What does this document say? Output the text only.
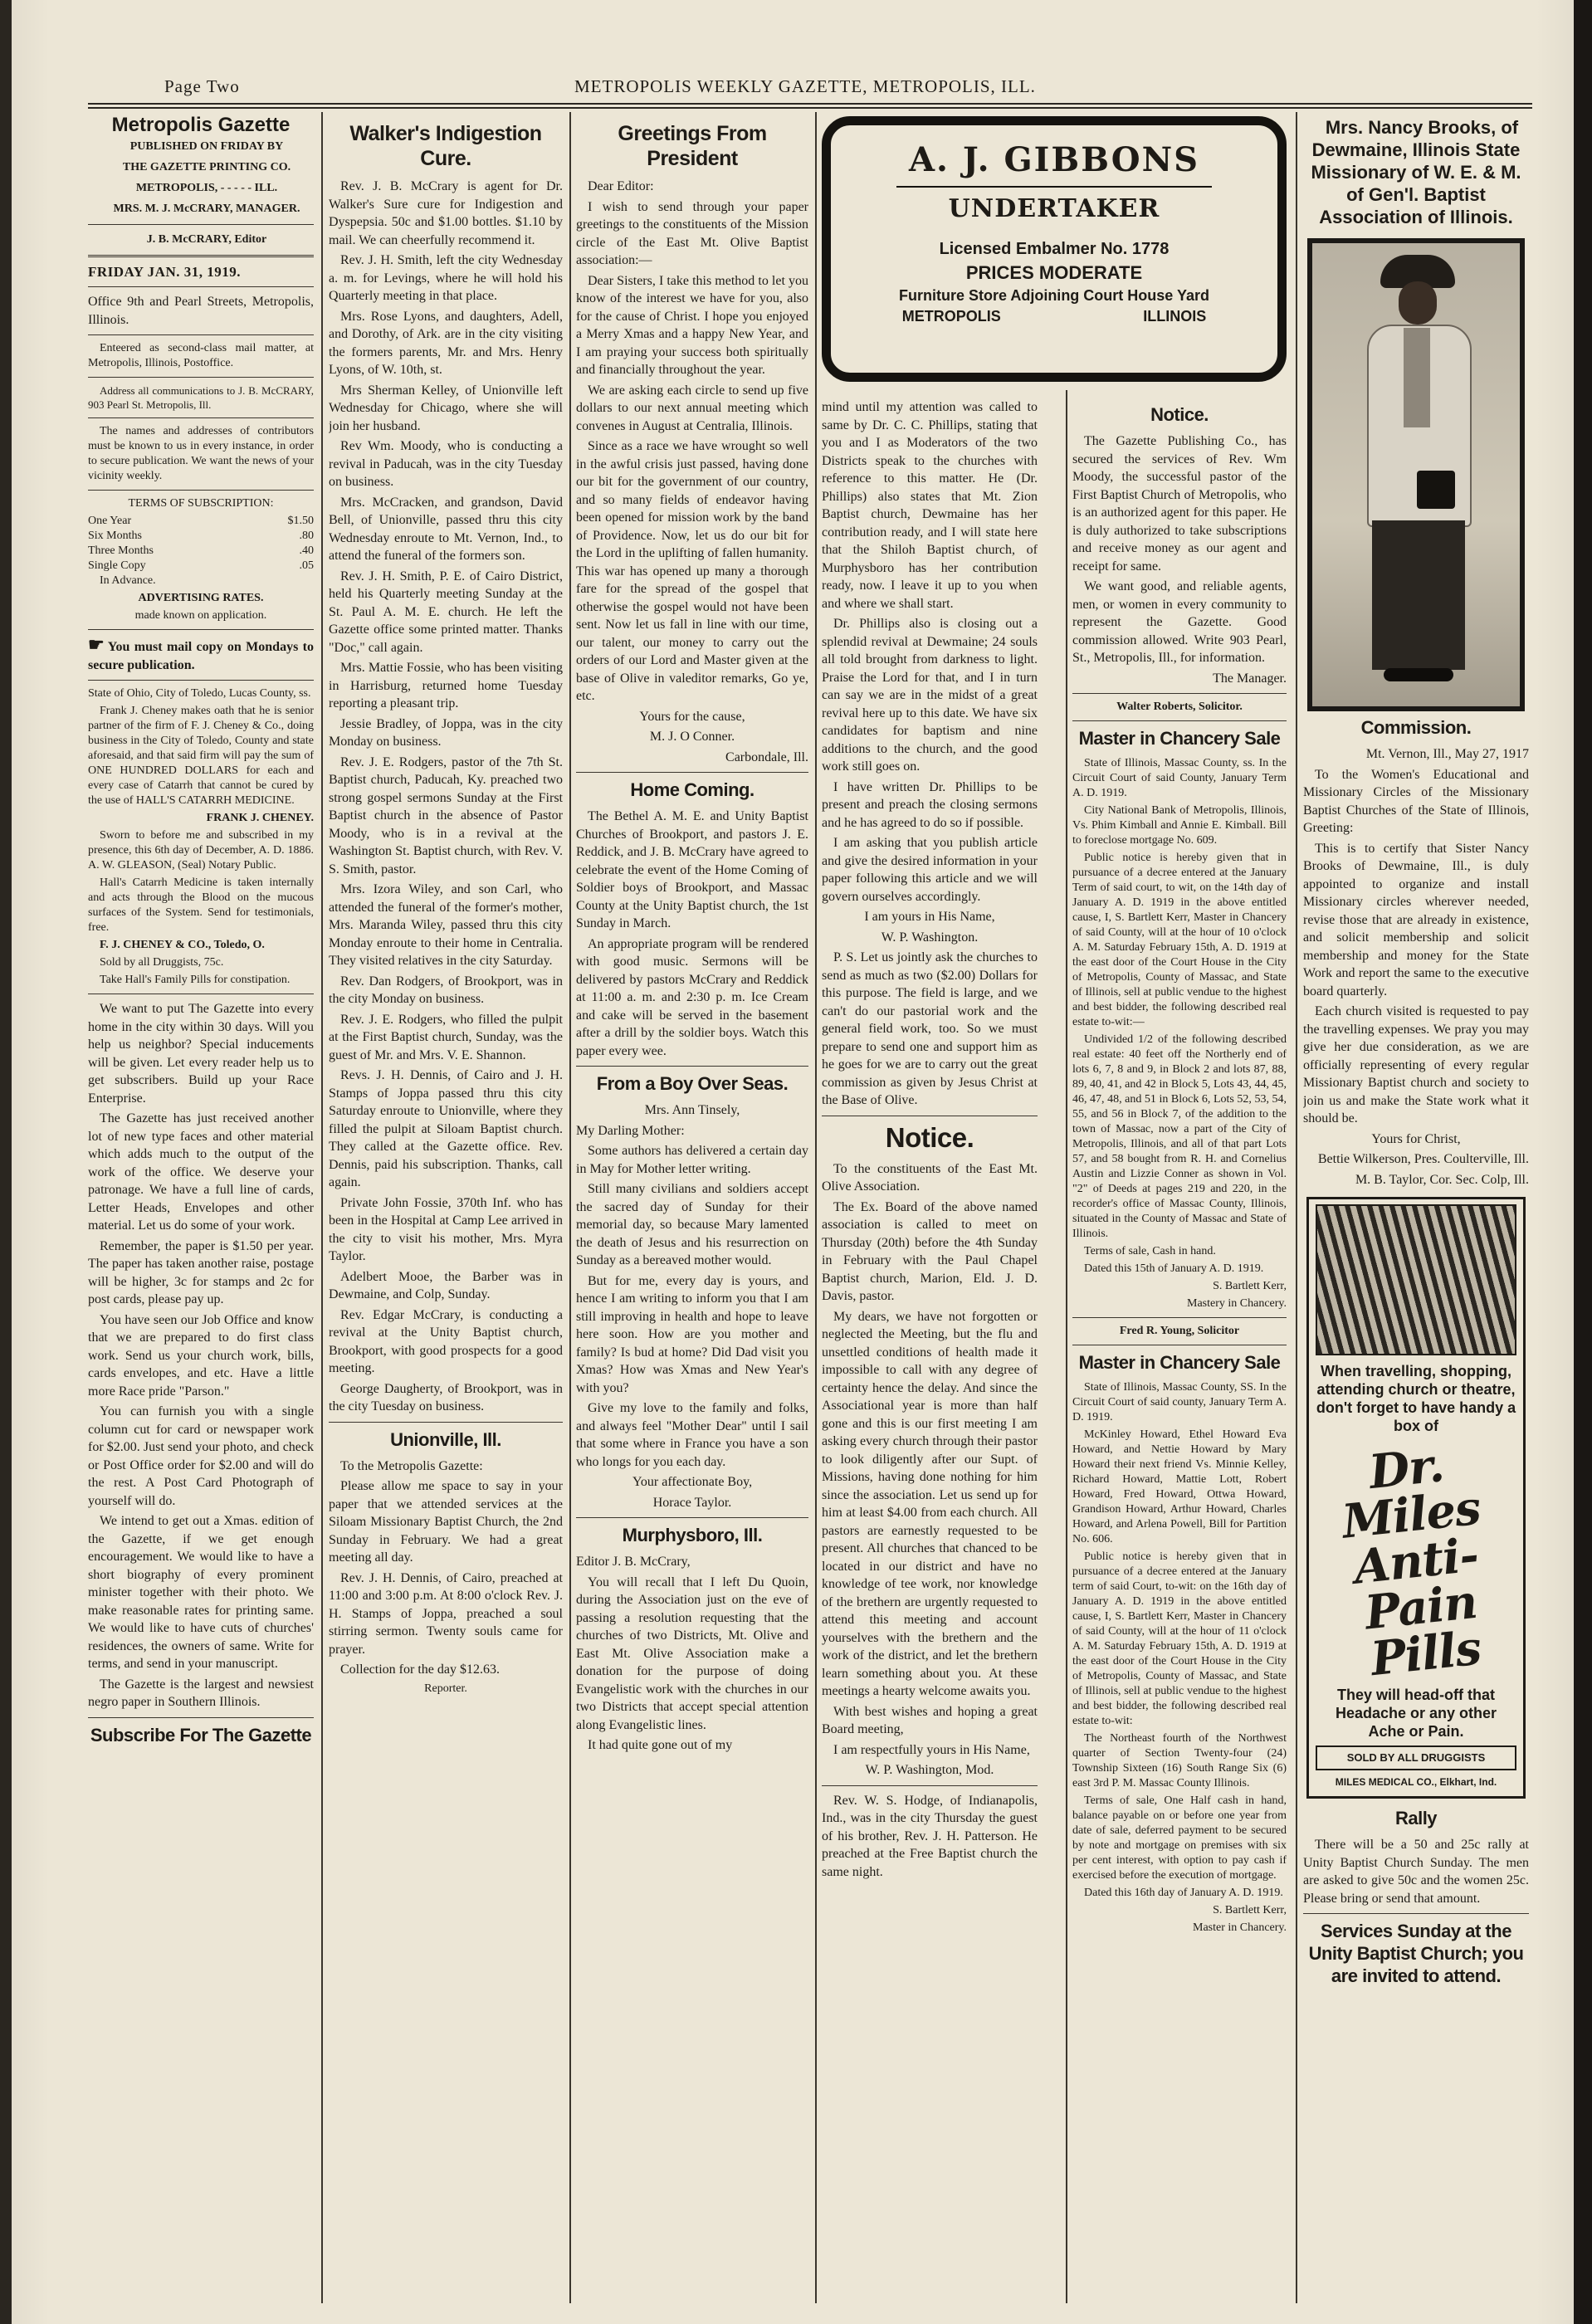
Page Two	METROPOLIS WEEKLY GAZETTE, METROPOLIS, ILL.
Metropolis Gazette

PUBLISHED ON FRIDAY BY

THE GAZETTE PRINTING CO.

METROPOLIS, - - - - - ILL.

MRS. M. J. McCRARY, MANAGER.

J. B. McCRARY, Editor

FRIDAY JAN. 31, 1919.

Office 9th and Pearl Streets, Metropolis, Illinois.

Enteered as second-class mail matter, at Metropolis, Illinois, Postoffice.

Address all communications to J. B. McCRARY, 903 Pearl St. Metropolis, Ill.

The names and addresses of contributors must be known to us in every instance, in order to secure publication. We want the news of your vicinity weekly.

TERMS OF SUBSCRIPTION:

One Year	$1.50
Six Months	.80
Three Months	.40
Single Copy	.05

In Advance.

ADVERTISING RATES.

made known on application.

☛ You must mail copy on Mondays to secure publication.

State of Ohio, City of Toledo, Lucas County, ss.

Frank J. Cheney makes oath that he is senior partner of the firm of F. J. Cheney & Co., doing business in the City of Toledo, County and state aforesaid, and that said firm will pay the sum of ONE HUNDRED DOLLARS for each and every case of Catarrh that cannot be cured by the use of HALL'S CATARRH MEDICINE.

FRANK J. CHENEY.

Sworn to before me and subscribed in my presence, this 6th day of December, A. D. 1886. A. W. GLEASON, (Seal) Notary Public.

Hall's Catarrh Medicine is taken internally and acts through the Blood on the mucous surfaces of the System. Send for testimonials, free.

F. J. CHENEY & CO., Toledo, O.

Sold by all Druggists, 75c.

Take Hall's Family Pills for constipation.

We want to put The Gazette into every home in the city within 30 days. Will you help us neighbor? Special inducements will be given. Let every reader help us to get subscribers. Build up your Race Enterprise.

The Gazette has just received another lot of new type faces and other material which adds much to the output of the work of the office. We deserve your patronage. We have a full line of cards, Letter Heads, Envelopes and other material. Let us do some of your work.

Remember, the paper is $1.50 per year. The paper has taken another raise, postage will be higher, 3c for stamps and 2c for post cards, please pay up.

You have seen our Job Office and know that we are prepared to do first class work. Send us your church work, bills, cards envelopes, and etc. Have a little more Race pride "Parson."

You can furnish you with a single column cut for card or newspaper work for $2.00. Just send your photo, and check or Post Office order for $2.00 and will do the rest. A Post Card Photograph of yourself will do.

We intend to get out a Xmas. edition of the Gazette, if we get enough encouragement. We would like to have a short biography of every prominent minister together with their photo. We make reasonable rates for printing same. We would like to have cuts of churches' residences, the owners of same. Write for terms, and send in your manuscript.

The Gazette is the largest and newsiest negro paper in Southern Illinois.

Subscribe For The Gazette
Walker's Indigestion Cure.

Rev. J. B. McCrary is agent for Dr. Walker's Sure cure for Indigestion and Dyspepsia. 50c and $1.00 bottles. $1.10 by mail. We can cheerfully recommend it.

Rev. J. H. Smith, left the city Wednesday a. m. for Levings, where he will hold his Quarterly meeting in that place.

Mrs. Rose Lyons, and daughters, Adell, and Dorothy, of Ark. are in the city visiting the formers parents, Mr. and Mrs. Henry Lyons, of W. 10th, st.

Mrs Sherman Kelley, of Unionville left Wednesday for Chicago, where she will join her husband.

Rev Wm. Moody, who is conducting a revival in Paducah, was in the city Tuesday on business.

Mrs. McCracken, and grandson, David Bell, of Unionville, passed thru this city Wednesday enroute to Mt. Vernon, Ind., to attend the funeral of the formers son.

Rev. J. H. Smith, P. E. of Cairo District, held his Quarterly meeting Sunday at the St. Paul A. M. E. church. He left the Gazette office some printed matter. Thanks "Doc," call again.

Mrs. Mattie Fossie, who has been visiting in Harrisburg, returned home Tuesday reporting a pleasant trip.

Jessie Bradley, of Joppa, was in the city Monday on business.

Rev. J. E. Rodgers, pastor of the 7th St. Baptist church, Paducah, Ky. preached two strong gospel sermons Sunday at the First Baptist church in the absence of Pastor Moody, who is in a revival at the Washington St. Baptist church, with Rev. V. S. Smith, pastor.

Mrs. Izora Wiley, and son Carl, who attended the funeral of the former's mother, Mrs. Maranda Wiley, passed thru this city Monday enroute to their home in Centralia. They visited relatives in the city Saturday.

Rev. Dan Rodgers, of Brookport, was in the city Monday on business.

Rev. J. E. Rodgers, who filled the pulpit at the First Baptist church, Sunday, was the guest of Mr. and Mrs. V. E. Shannon.

Revs. J. H. Dennis, of Cairo and J. H. Stamps of Joppa passed thru this city Saturday enroute to Unionville, where they filled the pulpit at Siloam Baptist church. They called at the Gazette office. Rev. Dennis, paid his subscription. Thanks, call again.

Private John Fossie, 370th Inf. who has been in the Hospital at Camp Lee arrived in the city to visit his mother, Mrs. Myra Taylor.

Adelbert Mooe, the Barber was in Dewmaine, and Colp, Sunday.

Rev. Edgar McCrary, is conducting a revival at the Unity Baptist church, Brookport, with good prospects for a good meeting.

George Daugherty, of Brookport, was in the city Tuesday on business.

Unionville, Ill.

To the Metropolis Gazette:

Please allow me space to say in your paper that we attended services at the Siloam Missionary Baptist Church, the 2nd Sunday in February. We had a great meeting all day.

Rev. J. H. Dennis, of Cairo, preached at 11:00 and 3:00 p.m. At 8:00 o'clock Rev. J. H. Stamps of Joppa, preached a soul stirring sermon. Twenty souls came for prayer.

Collection for the day $12.63.

Reporter.

Greetings From President

Dear Editor:

I wish to send through your paper greetings to the constituents of the Mission circle of the East Mt. Olive Baptist association:—

Dear Sisters, I take this method to let you know of the interest we have for you, also for the cause of Christ. I hope you enjoyed a Merry Xmas and a happy New Year, and I am praying your success both spiritually and financially throughout the year.

We are asking each circle to send up five dollars to our next annual meeting which convenes in August at Centralia, Illinois.

Since as a race we have wrought so well in the awful crisis just passed, having done our bit for the government of our country, and so many fields of endeavor having been opened for mission work by the band of Providence. Now, let us do our bit for the Lord in the uplifting of fallen humanity. This war has opened up many a thorough fare for the spread of the gospel that otherwise the gospel would not have been sent. Now let us fall in line with our time, our talent, our money to carry out the orders of our Lord and Master given at the base of Olive in valeditor remarks, Go ye, etc.

Yours for the cause,

M. J. O Conner.

Carbondale, Ill.

Home Coming.

The Bethel A. M. E. and Unity Baptist Churches of Brookport, and pastors J. E. Reddick, and J. B. McCrary have agreed to celebrate the event of the Home Coming of Soldier boys of Brookport, and Massac County at the Unity Baptist church, the 1st Sunday in March.

An appropriate program will be rendered with good music. Sermons will be delivered by pastors McCrary and Reddick at 11:00 a. m. and 2:30 p. m. Ice Cream and cake will be served in the basement after a drill by the soldier boys. Watch this paper every wee.

From a Boy Over Seas.

Mrs. Ann Tinsely,

My Darling Mother:

Some authors has delivered a certain day in May for Mother letter writing.

Still many civilians and soldiers accept the sacred day of Sunday for their memorial day, so because Mary lamented the death of Jesus and his resurrection on Sunday as a bereaved mother would.

But for me, every day is yours, and hence I am writing to inform you that I am still improving in health and hope to leave here soon. How are you mother and family? Is bud at home? Did Dad visit you Xmas? How was Xmas and New Year's with you?

Give my love to the family and folks, and always feel "Mother Dear" until I sail that some where in France you have a son who longs for you each day.

Your affectionate Boy,

Horace Taylor.

Murphysboro, Ill.

Editor J. B. McCrary,

You will recall that I left Du Quoin, during the Association just on the eve of passing a resolution requesting that the churches of two Districts, Mt. Olive and East Mt. Olive Association make a donation for the purpose of doing Evangelistic work with the churches in our two Districts that accept special attention along Evangelistic lines.

It had quite gone out of my

A. J. GIBBONS
UNDERTAKER
Licensed Embalmer No. 1778
PRICES MODERATE
Furniture Store Adjoining Court House Yard
METROPOLIS	ILLINOIS

mind until my attention was called to same by Dr. C. C. Phillips, stating that you and I as Moderators of the two Districts speak to the churches with reference to this matter. He (Dr. Phillips) also states that Mt. Zion Baptist church, Dewmaine has her contribution ready, and I will state here that the Shiloh Baptist church, of Murphysboro has her contribution ready, now. I leave it up to you when and where we shall start.

Dr. Phillips also is closing out a splendid revival at Dewmaine; 24 souls all told brought from darkness to light. Praise the Lord for that, and I in turn can say we are in the midst of a great revival here up to this date. We have six candidates for baptism and nine additions to the church, and the good work still goes on.

I have written Dr. Phillips to be present and preach the closing sermons and he has agreed to do so if possible.

I am asking that you publish article and give the desired information in your paper following this article and we will govern ourselves accordingly.

I am yours in His Name,

W. P. Washington.

P. S. Let us jointly ask the churches to send as much as two ($2.00) Dollars for this purpose. The field is large, and we can't do our pastorial work and the general field work, too. So we must prepare to send one and support him as he goes for we are to carry out the great commission as given by Jesus Christ at the Base of Olive.

Notice.

To the constituents of the East Mt. Olive Association.

The Ex. Board of the above named association is called to meet on Thursday (20th) before the 4th Sunday in February with the Paul Chapel Baptist church, Marion, Eld. J. D. Davis, pastor.

My dears, we have not forgotten or neglected the Meeting, but the flu and unsettled conditions of health made it impossible to call with any degree of certainty hence the delay. And since the Associational year is more than half gone and this is our first meeting I am asking every church through their pastor to look diligently after our Supt. of Missions, having done nothing for him since the association. Let us send up for him at least $4.00 from each church. All pastors are earnestly requested to be present. All churches that chanced to be located in our district and have no knowledge of tee work, nor knowledge of the brethern are urgently requested to attend this meeting and account yourselves with the brethern and the work of the district, and let the brethern learn something about you. At these meetings a hearty welcome awaits you.

With best wishes and hoping a great Board meeting,

I am respectfully yours in His Name,

W. P. Washington, Mod.

Rev. W. S. Hodge, of Indianapolis, Ind., was in the city Thursday the guest of his brother, Rev. J. H. Patterson. He preached at the Free Baptist church the same night.

Notice.

The Gazette Publishing Co., has secured the services of Rev. Wm Moody, the successful pastor of the First Baptist Church of Metropolis, who is an authorized agent for this paper. He is duly authorized to take subscriptions and receive money as our agent and receipt for same.

We want good, and reliable agents, men, or women in every community to represent the Gazette. Good commission allowed. Write 903 Pearl, St., Metropolis, Ill., for information.

The Manager.

Walter Roberts, Solicitor.

Master in Chancery Sale

State of Illinois, Massac County, ss. In the Circuit Court of said County, January Term A. D. 1919.

City National Bank of Metropolis, Illinois, Vs. Phim Kimball and Annie E. Kimball. Bill to foreclose mortgage No. 609.

Public notice is hereby given that in pursuance of a decree entered at the January Term of said court, to wit, on the 14th day of January A. D. 1919 in the above entitled cause, I, S. Bartlett Kerr, Master in Chancery of said County, will at the hour of 10 o'clock A. M. Saturday February 15th, A. D. 1919 at the east door of the Court House in the City of Metropolis, County of Massac, and State of Illinois, sell at public vendue to the highest and best bidder, the following described real estate to-wit:—

Undivided 1/2 of the following described real estate: 40 feet off the Northerly end of lots 6, 7, 8 and 9, in Block 2 and lots 87, 88, 89, 40, 41, and 42 in Block 5, Lots 43, 44, 45, 46, 47, 48, and 51 in Block 6, Lots 52, 53, 54, 55, and 56 in Block 7, of the addition to the town of Massac, now a part of the City of Metropolis, Illinois, and all of that part Lots 57, and 58 bought from R. H. and Cornelius Austin and Lizzie Conner as shown in Vol. "2" of Deeds at pages 219 and 220, in the recorder's office of Massac County, Illinois, situated in the County of Massac and State of Illinois.

Terms of sale, Cash in hand.

Dated this 15th of January A. D. 1919.

S. Bartlett Kerr,

Mastery in Chancery.

Fred R. Young, Solicitor

Master in Chancery Sale

State of Illinois, Massac County, SS. In the Circuit Court of said county, January Term A. D. 1919.

McKinley Howard, Ethel Howard Eva Howard, and Nettie Howard by Mary Howard their next friend Vs. Minnie Kelley, Richard Howard, Mattie Lott, Robert Howard, Fred Howard, Ottwa Howard, Grandison Howard, Arthur Howard, Charles Howard, and Arlena Powell, Bill for Partition No. 606.

Public notice is hereby given that in pursuance of a decree entered at the January term of said Court, to-wit: on the 16th day of January A. D. 1919 in the above entitled cause, I, S. Bartlett Kerr, Master in Chancery of said County, will at the hour of 11 o'clock A. M. Saturday February 15th, A. D. 1919 at the east door of the Court House in the City of Metropolis, County of Massac, and State of Illinois, sell at public vendue to the highest and best bidder, the following described real estate to-wit:

The Northeast fourth of the Northwest quarter of Section Twenty-four (24) Township Sixteen (16) South Range Six (6) east 3rd P. M. Massac County Illinois.

Terms of sale, One Half cash in hand, balance payable on or before one year from date of sale, deferred payment to be secured by note and mortgage on premises with six per cent interest, with option to pay cash if exercised before the execution of mortgage.

Dated this 16th day of January A. D. 1919.

S. Bartlett Kerr,

Master in Chancery.

Mrs. Nancy Brooks, of Dewmaine, Illinois State Missionary of W. E. & M. of Gen'l. Baptist Association of Illinois.

Commission.

Mt. Vernon, Ill., May 27, 1917

To the Women's Educational and Missionary Circles of the Missionary Baptist Churches of the State of Illinois, Greeting:

This is to certify that Sister Nancy Brooks of Dewmaine, Ill., is duly appointed to organize and install Missionary circles wherever needed, revise those that are already in existence, and solicit membership and solicit membership and money for the State Work and report the same to the executive board quarterly.

Each church visited is requested to pay the travelling expenses. We pray you may give her due consideration, as we are officially representing of every regular Missionary Baptist church and society to join us and make the State work what it should be.

Yours for Christ,

Bettie Wilkerson, Pres. Coulterville, Ill.

M. B. Taylor, Cor. Sec. Colp, Ill.

When travelling, shopping, attending church or theatre, don't forget to have handy a box of
Dr. Miles Anti-Pain Pills
They will head-off that Headache or any other Ache or Pain.
SOLD BY ALL DRUGGISTS
MILES MEDICAL CO., Elkhart, Ind.
Rally

There will be a 50 and 25c rally at Unity Baptist Church Sunday. The men are asked to give 50c and the women 25c. Please bring or send that amount.

Services Sunday at the Unity Baptist Church; you are invited to attend.
